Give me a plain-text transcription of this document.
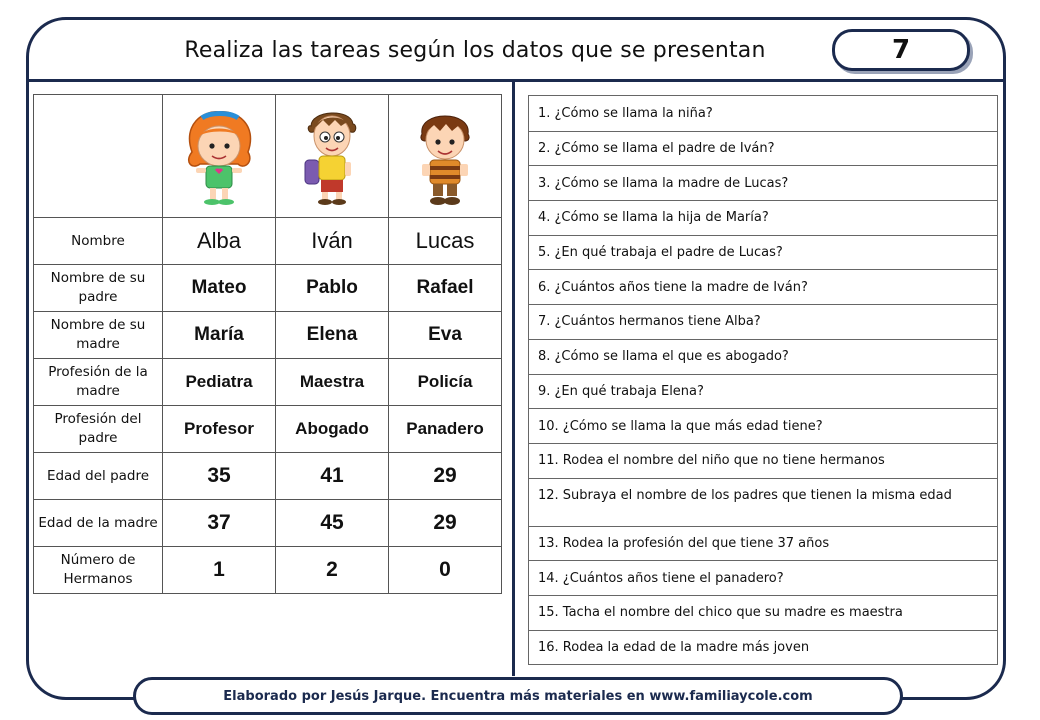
Realiza las tareas según los datos que se presentan	7

Nombre	Alba	Iván	Lucas
Nombre de su padre	Mateo	Pablo	Rafael
Nombre de su madre	María	Elena	Eva
Profesión de la madre	Pediatra	Maestra	Policía
Profesión del padre	Profesor	Abogado	Panadero
Edad del padre	35	41	29
Edad de la madre	37	45	29
Número de Hermanos	1	2	0
1. ¿Cómo se llama la niña?
2. ¿Cómo se llama el padre de Iván?
3. ¿Cómo se llama la madre de Lucas?
4. ¿Cómo se llama la hija de María?
5. ¿En qué trabaja el padre de Lucas?
6. ¿Cuántos años tiene la madre de Iván?
7. ¿Cuántos hermanos tiene Alba?
8. ¿Cómo se llama el que es abogado?
9. ¿En qué trabaja Elena?
10. ¿Cómo se llama la que más edad tiene?
11. Rodea el nombre del niño que no tiene hermanos
12. Subraya el nombre de los padres que tienen la misma edad
13. Rodea la profesión del que tiene 37 años
14. ¿Cuántos años tiene el panadero?
15. Tacha el nombre del chico que su madre es maestra
16. Rodea la edad de la madre más joven
Elaborado por Jesús Jarque. Encuentra más materiales en www.familiaycole.com
